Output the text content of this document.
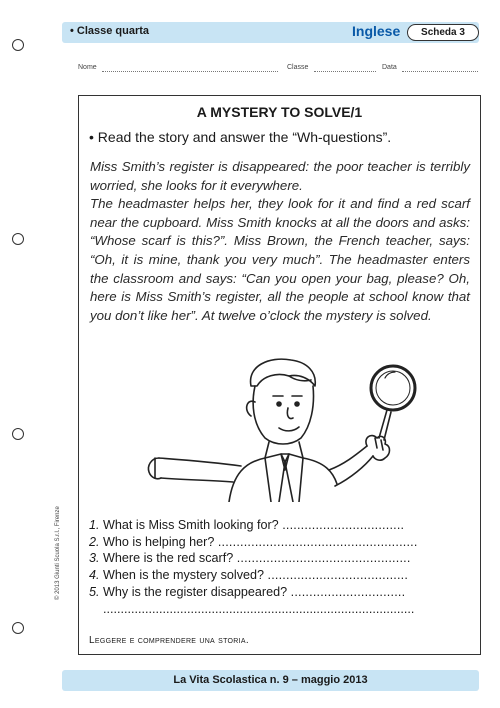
• Classe quarta	Inglese	Scheda 3
Nome	Classe	Data
A MYSTERY TO SOLVE/1
• Read the story and answer the “Wh-questions”.

Miss Smith’s register is disappeared: the poor teacher is terribly worried, she looks for it everywhere.

The headmaster helps her, they look for it and find a red scarf near the cupboard. Miss Smith knocks at all the doors and asks: “Whose scarf is this?”. Miss Brown, the French teacher, says: “Oh, it is mine, thank you very much”. The headmaster enters the classroom and says: “Can you open your bag, please? Oh, here is Miss Smith’s register, all the people at school know that you don’t like her”. At twelve o’clock the mystery is solved.

1. What is Miss Smith looking for? .................................
2. Who is helping her? ......................................................
3. Where is the red scarf? ...............................................
4. When is the mystery solved? ......................................
5. Why is the register disappeared? ...............................
.........................................................................................
Leggere e comprendere una storia.
© 2013 Giunti Scuola S.r.l., Firenze
La Vita Scolastica n. 9 – maggio 2013
